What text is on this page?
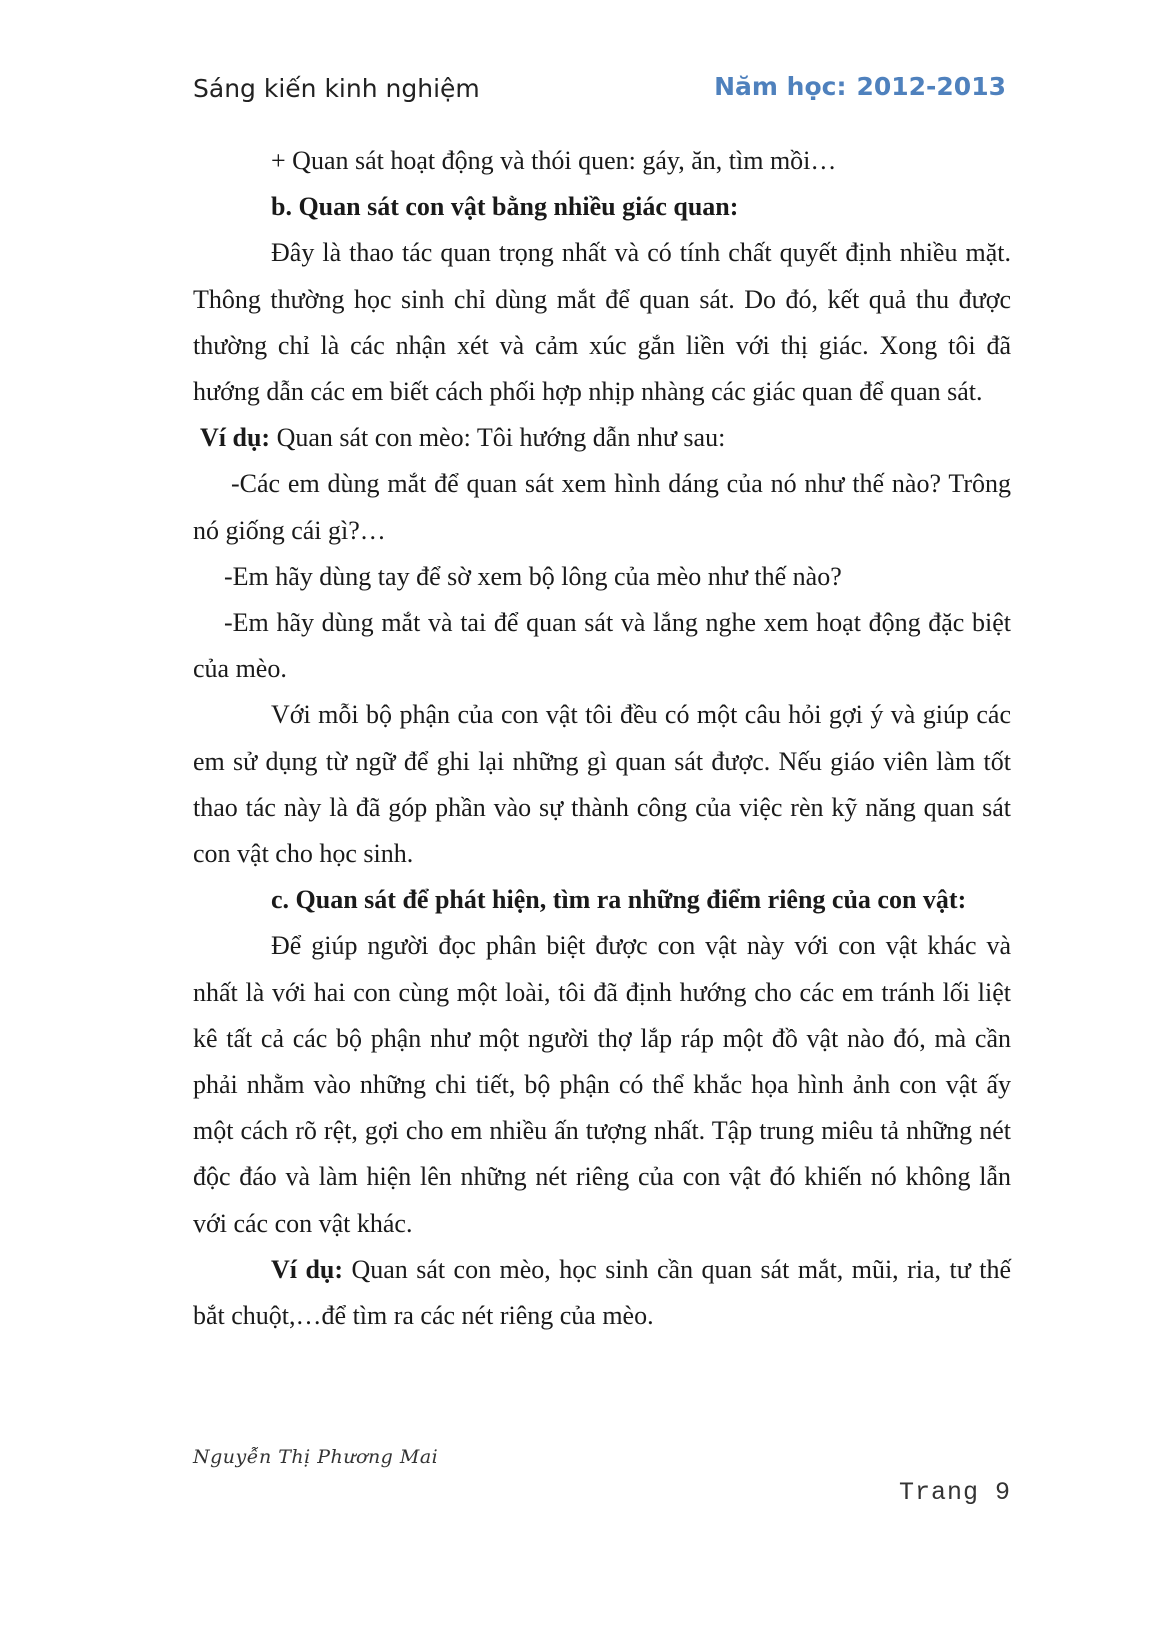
Sáng kiến kinh nghiệm	Năm học: 2012-2013

+ Quan sát hoạt động và thói quen: gáy, ăn, tìm mồi…

b. Quan sát con vật bằng nhiều giác quan:

Đây là thao tác quan trọng nhất và có tính chất quyết định nhiều mặt. Thông thường học sinh chỉ dùng mắt để quan sát. Do đó, kết quả thu được thường chỉ là các nhận xét và cảm xúc gắn liền với thị giác. Xong tôi đã hướng dẫn các em biết cách phối hợp nhịp nhàng các giác quan để quan sát.

Ví dụ: Quan sát con mèo: Tôi hướng dẫn như sau:

-Các em dùng mắt để quan sát xem hình dáng của nó như thế nào? Trông nó giống cái gì?…

-Em hãy dùng tay để sờ xem bộ lông của mèo như thế nào?

-Em hãy dùng mắt và tai để quan sát và lắng nghe xem hoạt động đặc biệt của mèo.

Với mỗi bộ phận của con vật tôi đều có một câu hỏi gợi ý và giúp các em sử dụng từ ngữ để ghi lại những gì quan sát được. Nếu giáo viên làm tốt thao tác này là đã góp phần vào sự thành công của việc rèn kỹ năng quan sát con vật cho học sinh.

c. Quan sát để phát hiện, tìm ra những điểm riêng của con vật:

Để giúp người đọc phân biệt được con vật này với con vật khác và nhất là với hai con cùng một loài, tôi đã định hướng cho các em tránh lối liệt kê tất cả các bộ phận như một người thợ lắp ráp một đồ vật nào đó, mà cần phải nhằm vào những chi tiết, bộ phận có thể khắc họa hình ảnh con vật ấy một cách rõ rệt, gợi cho em nhiều ấn tượng nhất. Tập trung miêu tả những nét độc đáo và làm hiện lên những nét riêng của con vật đó khiến nó không lẫn với các con vật khác.

Ví dụ: Quan sát con mèo, học sinh cần quan sát mắt, mũi, ria, tư thế bắt chuột,…để tìm ra các nét riêng của mèo.

Nguyễn Thị Phương Mai
Trang 9
